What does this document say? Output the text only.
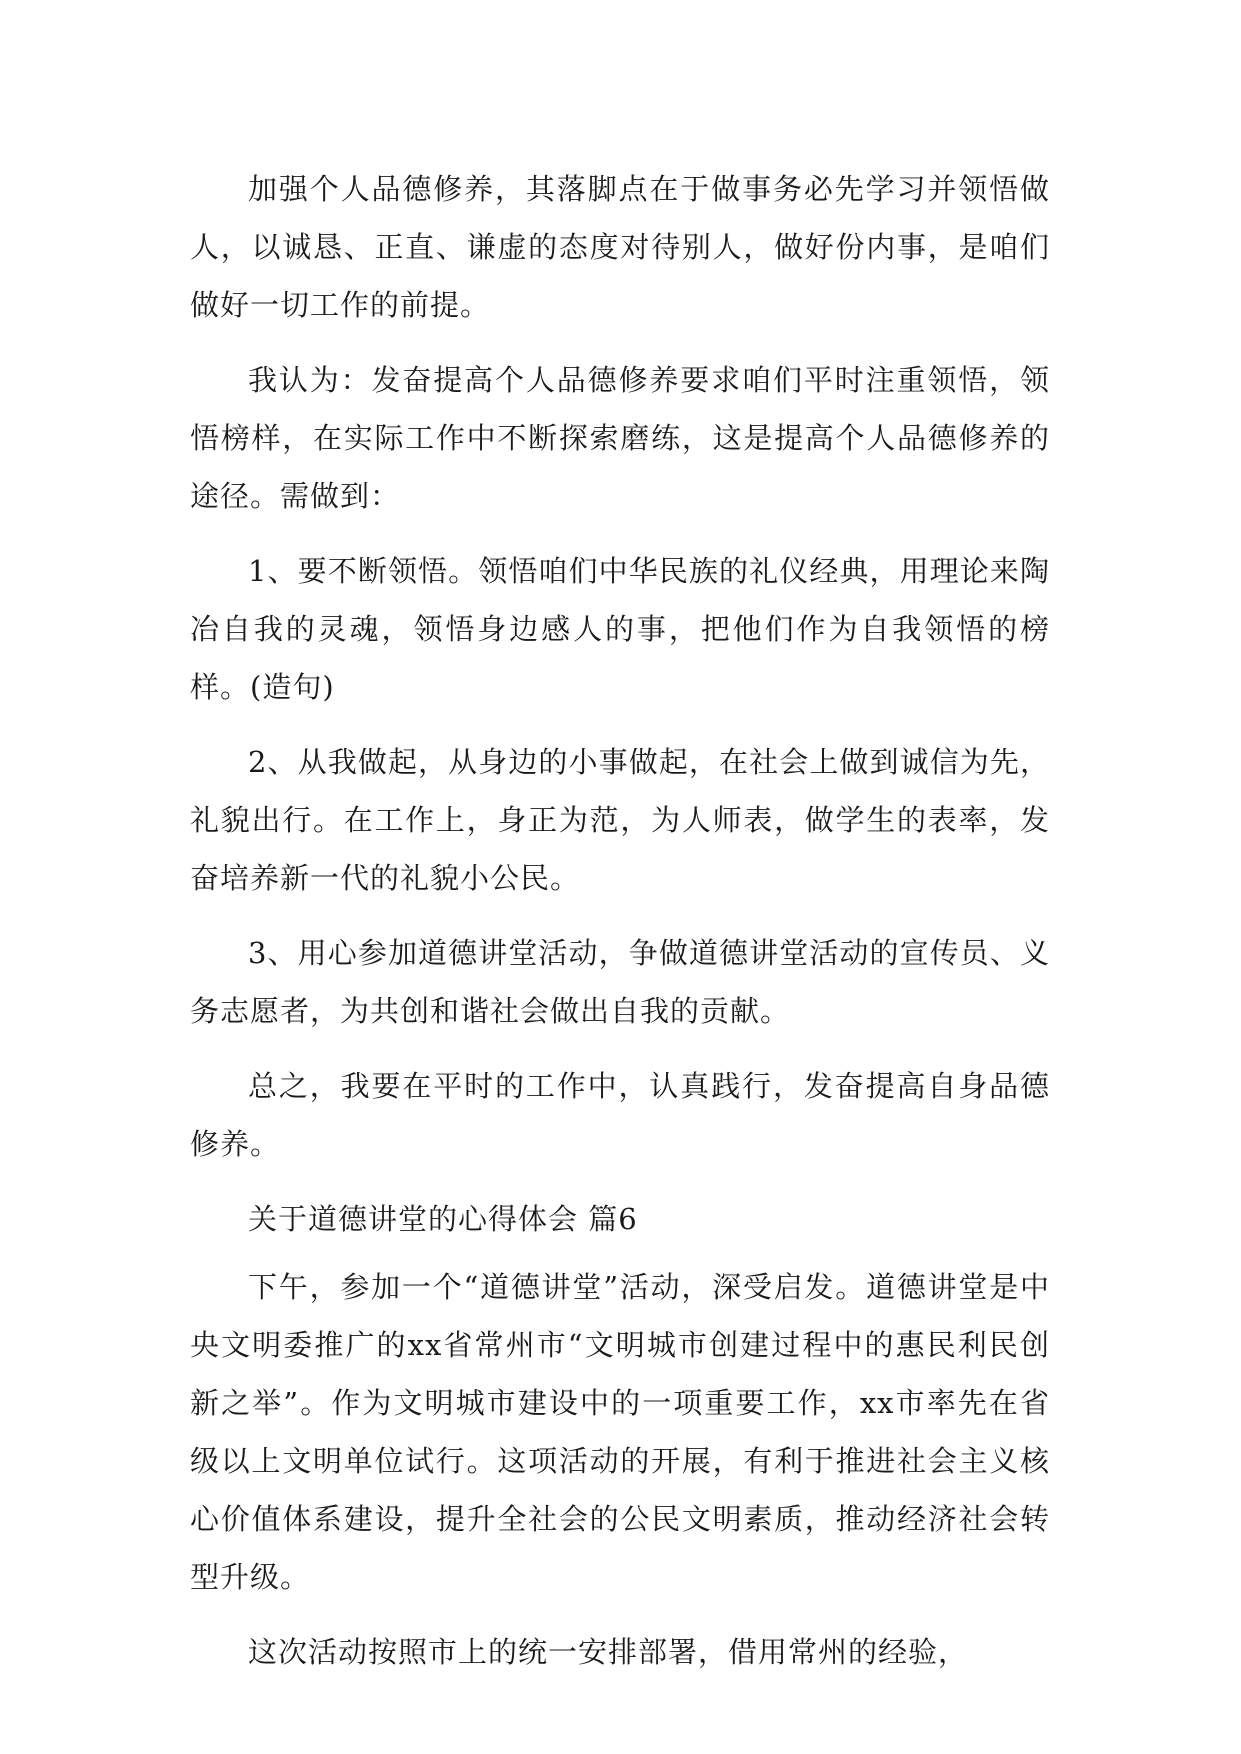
加强个人品德修养，其落脚点在于做事务必先学习并领悟做人，以诚恳、正直、谦虚的态度对待别人，做好份内事，是咱们做好一切工作的前提。

我认为：发奋提高个人品德修养要求咱们平时注重领悟，领悟榜样，在实际工作中不断探索磨练，这是提高个人品德修养的途径。需做到：

1、要不断领悟。领悟咱们中华民族的礼仪经典，用理论来陶冶自我的灵魂，领悟身边感人的事，把他们作为自我领悟的榜样。(造句)

2、从我做起，从身边的小事做起，在社会上做到诚信为先，礼貌出行。在工作上，身正为范，为人师表，做学生的表率，发奋培养新一代的礼貌小公民。

3、用心参加道德讲堂活动，争做道德讲堂活动的宣传员、义务志愿者，为共创和谐社会做出自我的贡献。

总之，我要在平时的工作中，认真践行，发奋提高自身品德修养。

关于道德讲堂的心得体会 篇6

下午，参加一个“道德讲堂”活动，深受启发。道德讲堂是中央文明委推广的xx省常州市“文明城市创建过程中的惠民利民创新之举”。作为文明城市建设中的一项重要工作，xx市率先在省级以上文明单位试行。这项活动的开展，有利于推进社会主义核心价值体系建设，提升全社会的公民文明素质，推动经济社会转型升级。

这次活动按照市上的统一安排部署，借用常州的经验，
